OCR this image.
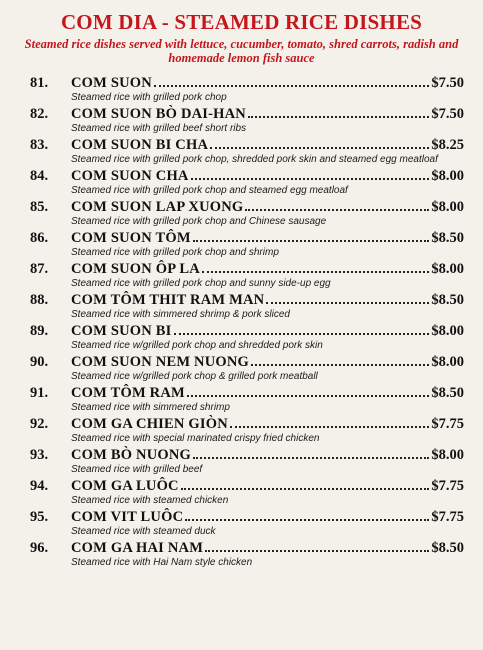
COM DIA - STEAMED RICE DISHES

Steamed rice dishes served with lettuce, cucumber, tomato, shred carrots, radish and homemade lemon fish sauce

81.	COM SUON	$7.50
Steamed rice with grilled pork chop
82.	COM SUON BÒ DAI-HAN	$7.50
Steamed rice with grilled beef short ribs
83.	COM SUON BI CHA	$8.25
Steamed rice with grilled pork chop, shredded pork skin and steamed egg meatloaf
84.	COM SUON CHA	$8.00
Steamed rice with grilled pork chop and steamed egg meatloaf
85.	COM SUON LAP XUONG	$8.00
Steamed rice with grilled pork chop and Chinese sausage
86.	COM SUON TÔM	$8.50
Steamed rice with grilled pork chop and shrimp
87.	COM SUON ÔP LA	$8.00
Steamed rice with grilled pork chop and sunny side-up egg
88.	COM TÔM THIT RAM MAN	$8.50
Steamed rice with simmered shrimp & pork sliced
89.	COM SUON BI	$8.00
Steamed rice w/grilled pork chop and shredded pork skin
90.	COM SUON NEM NUONG	$8.00
Steamed rice w/grilled pork chop & grilled pork meatball
91.	COM TÔM RAM	$8.50
Steamed rice with simmered shrimp
92.	COM GA CHIEN GIÒN	$7.75
Steamed rice with special marinated crispy fried chicken
93.	COM BÒ NUONG	$8.00
Steamed rice with grilled beef
94.	COM GA LUÔC	$7.75
Steamed rice with steamed chicken
95.	COM VIT LUÔC	$7.75
Steamed rice with steamed duck
96.	COM GA HAI NAM	$8.50
Steamed rice with Hai Nam style chicken
